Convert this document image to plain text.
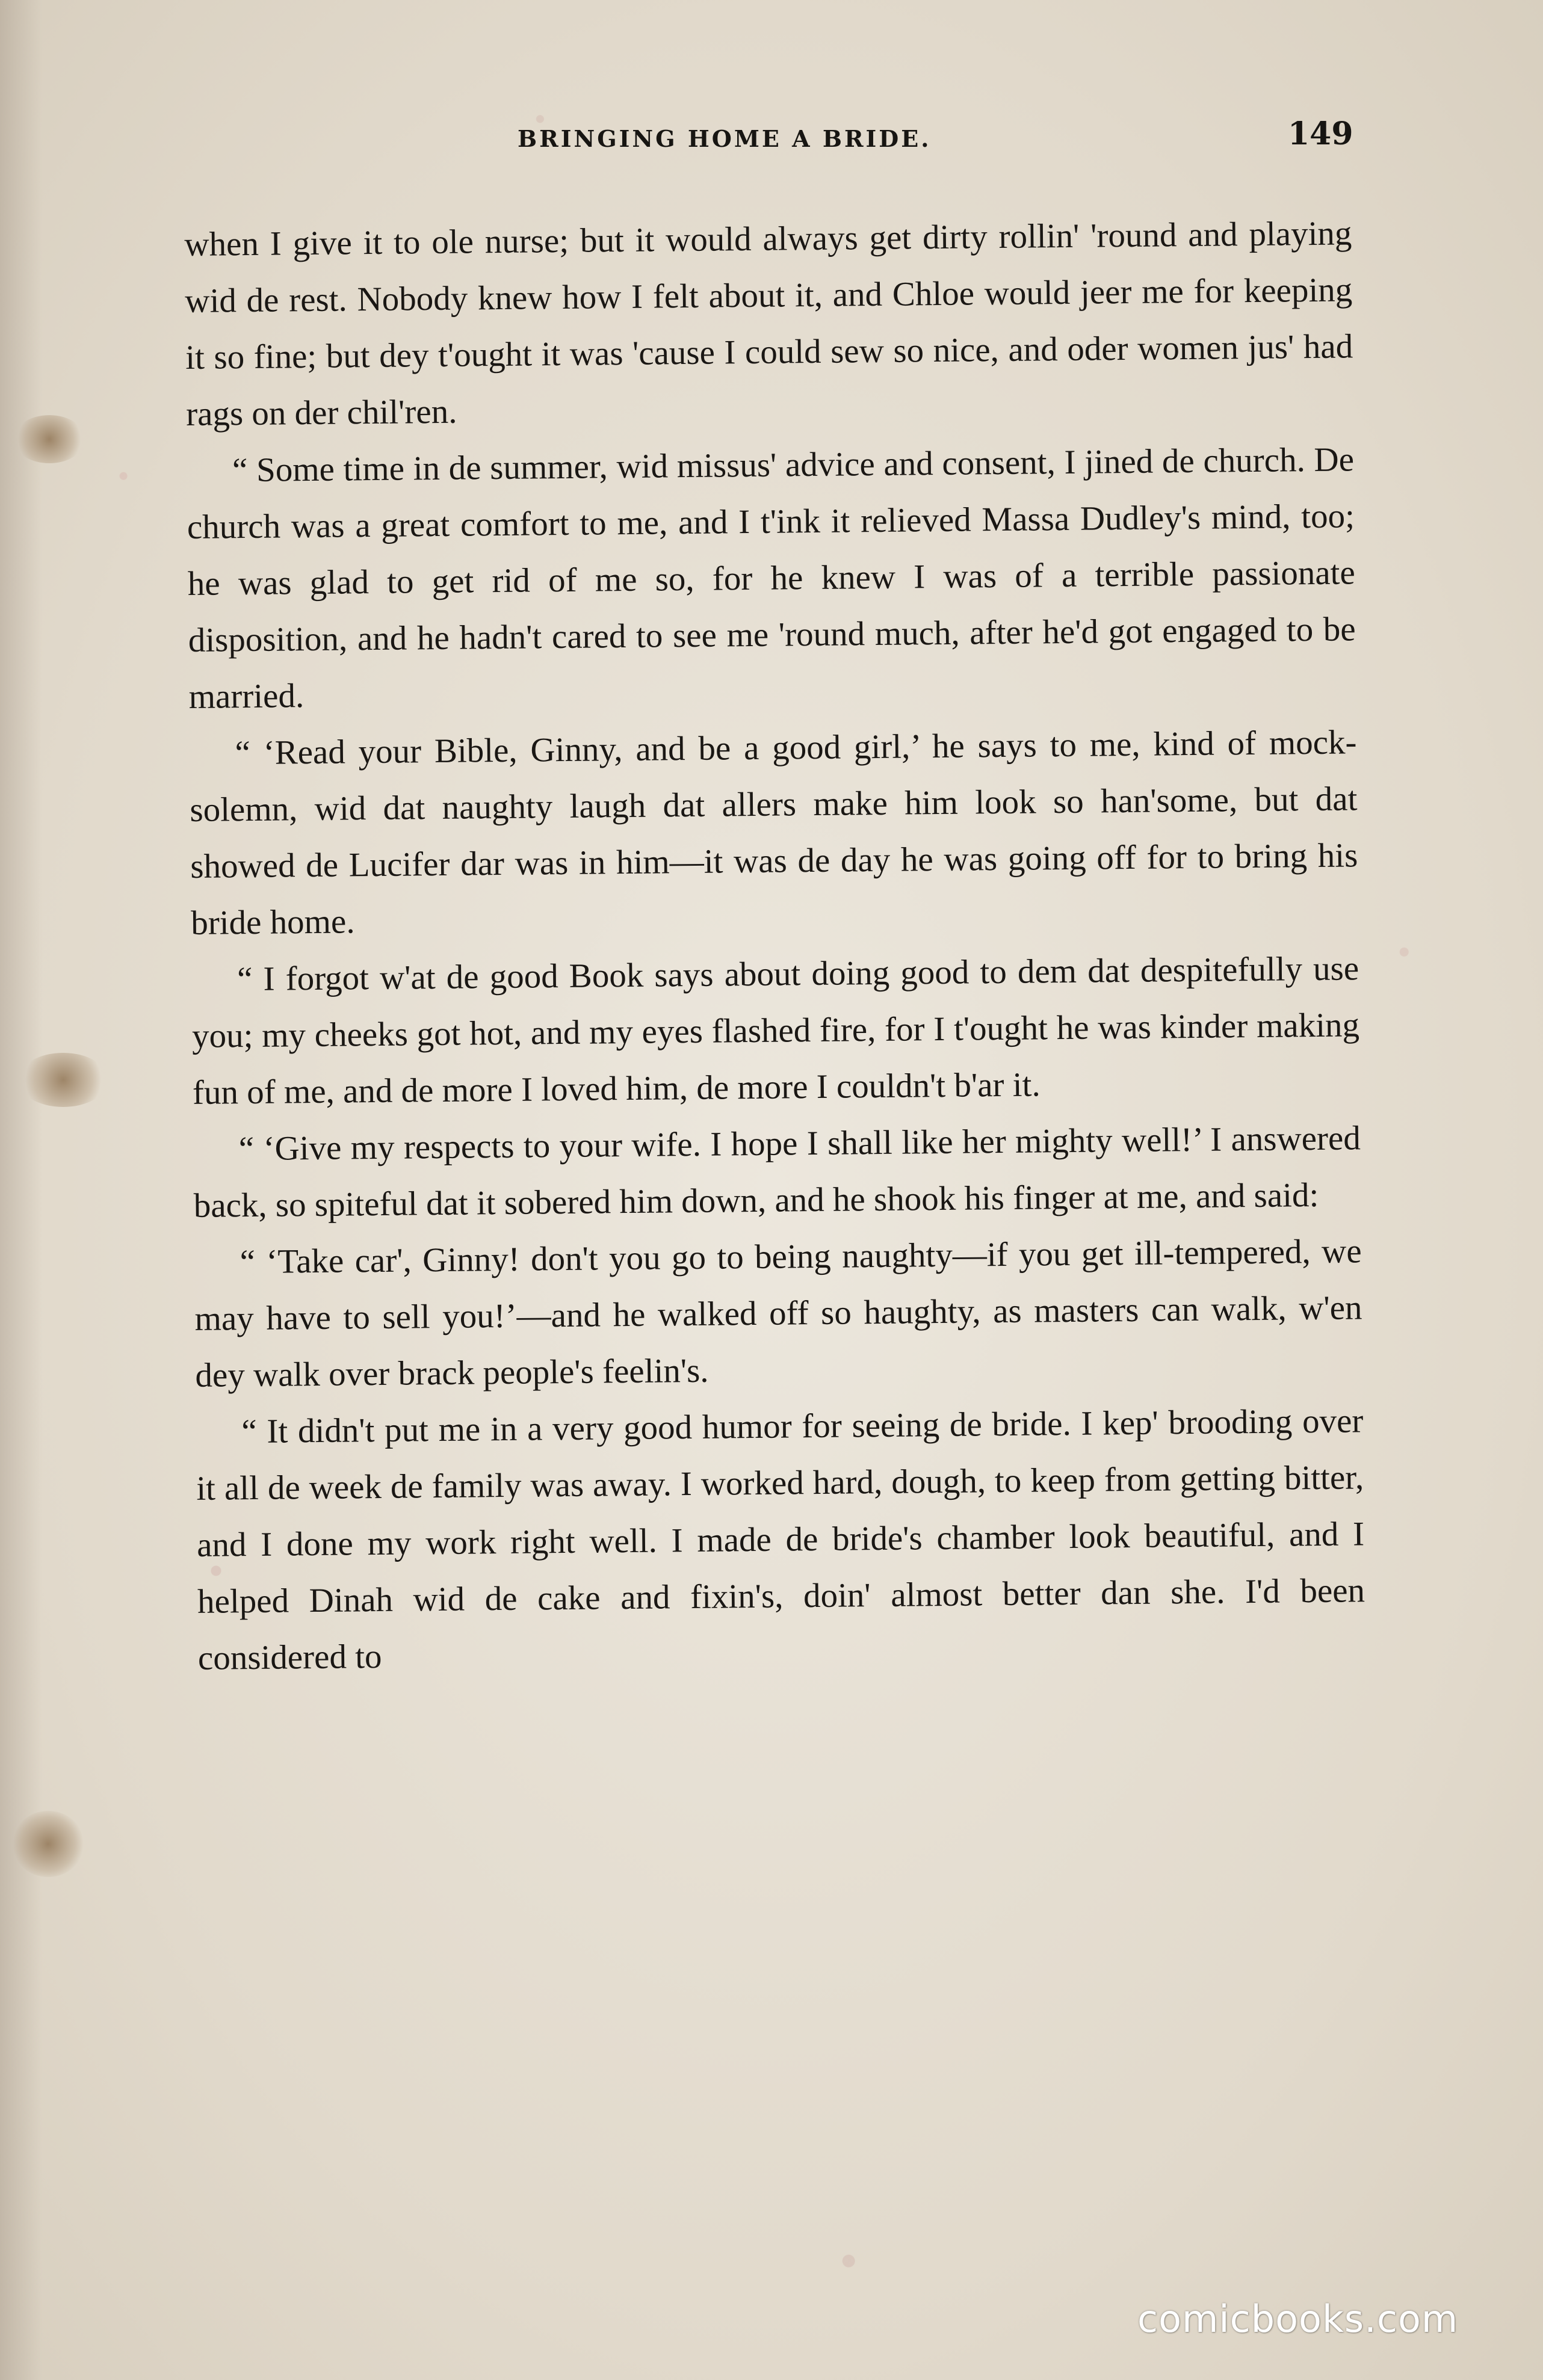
BRINGING HOME A BRIDE.	149

when I give it to ole nurse; but it would always get dirty rollin' 'round and playing wid de rest. Nobody knew how I felt about it, and Chloe would jeer me for keeping it so fine; but dey t'ought it was 'cause I could sew so nice, and oder women jus' had rags on der chil'ren.

“ Some time in de summer, wid missus' advice and consent, I jined de church. De church was a great comfort to me, and I t'ink it relieved Massa Dudley's mind, too; he was glad to get rid of me so, for he knew I was of a terrible passionate disposition, and he hadn't cared to see me 'round much, after he'd got engaged to be married.

“ ‘Read your Bible, Ginny, and be a good girl,’ he says to me, kind of mock-solemn, wid dat naughty laugh dat allers make him look so han'some, but dat showed de Lucifer dar was in him—it was de day he was going off for to bring his bride home.

“ I forgot w'at de good Book says about doing good to dem dat despitefully use you; my cheeks got hot, and my eyes flashed fire, for I t'ought he was kinder making fun of me, and de more I loved him, de more I couldn't b'ar it.

“ ‘Give my respects to your wife. I hope I shall like her mighty well!’ I answered back, so spiteful dat it sobered him down, and he shook his finger at me, and said:

“ ‘Take car', Ginny! don't you go to being naughty—if you get ill-tempered, we may have to sell you!’—and he walked off so haughty, as masters can walk, w'en dey walk over brack people's feelin's.

“ It didn't put me in a very good humor for seeing de bride. I kep' brooding over it all de week de family was away. I worked hard, dough, to keep from getting bitter, and I done my work right well. I made de bride's chamber look beautiful, and I helped Dinah wid de cake and fixin's, doin' almost better dan she. I'd been considered to

comicbooks.com
